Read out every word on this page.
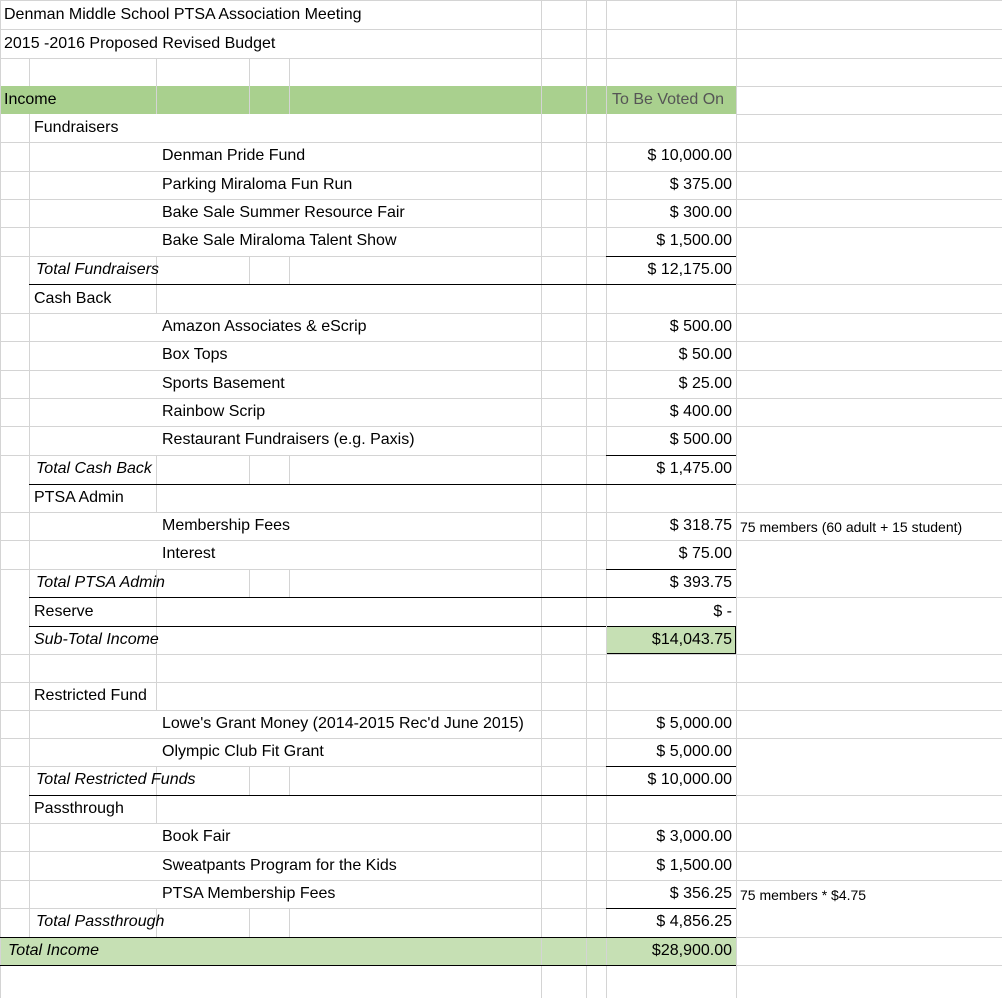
Denman Middle School PTSA Association Meeting
2015 -2016 Proposed Revised Budget
Income	To Be Voted On
Fundraisers
Denman Pride Fund	$ 10,000.00
Parking Miraloma Fun Run	$ 375.00
Bake Sale Summer Resource Fair	$ 300.00
Bake Sale Miraloma Talent Show	$ 1,500.00
Total Fundraisers	$ 12,175.00
Cash Back
Amazon Associates & eScrip	$ 500.00
Box Tops	$ 50.00
Sports Basement	$ 25.00
Rainbow Scrip	$ 400.00
Restaurant Fundraisers (e.g. Paxis)	$ 500.00
Total Cash Back	$ 1,475.00
PTSA Admin
Membership Fees	$ 318.75 75 members (60 adult + 15 student)
Interest	$ 75.00
Total PTSA Admin	$ 393.75
Reserve	$ -
Sub-Total Income	$14,043.75
Restricted Fund
Lowe's Grant Money (2014-2015 Rec'd June 2015)	$ 5,000.00
Olympic Club Fit Grant	$ 5,000.00
Total Restricted Funds	$ 10,000.00
Passthrough
Book Fair	$ 3,000.00
Sweatpants Program for the Kids	$ 1,500.00
PTSA Membership Fees	$ 356.25 75 members * $4.75
Total Passthrough	$ 4,856.25
Total Income	$28,900.00
